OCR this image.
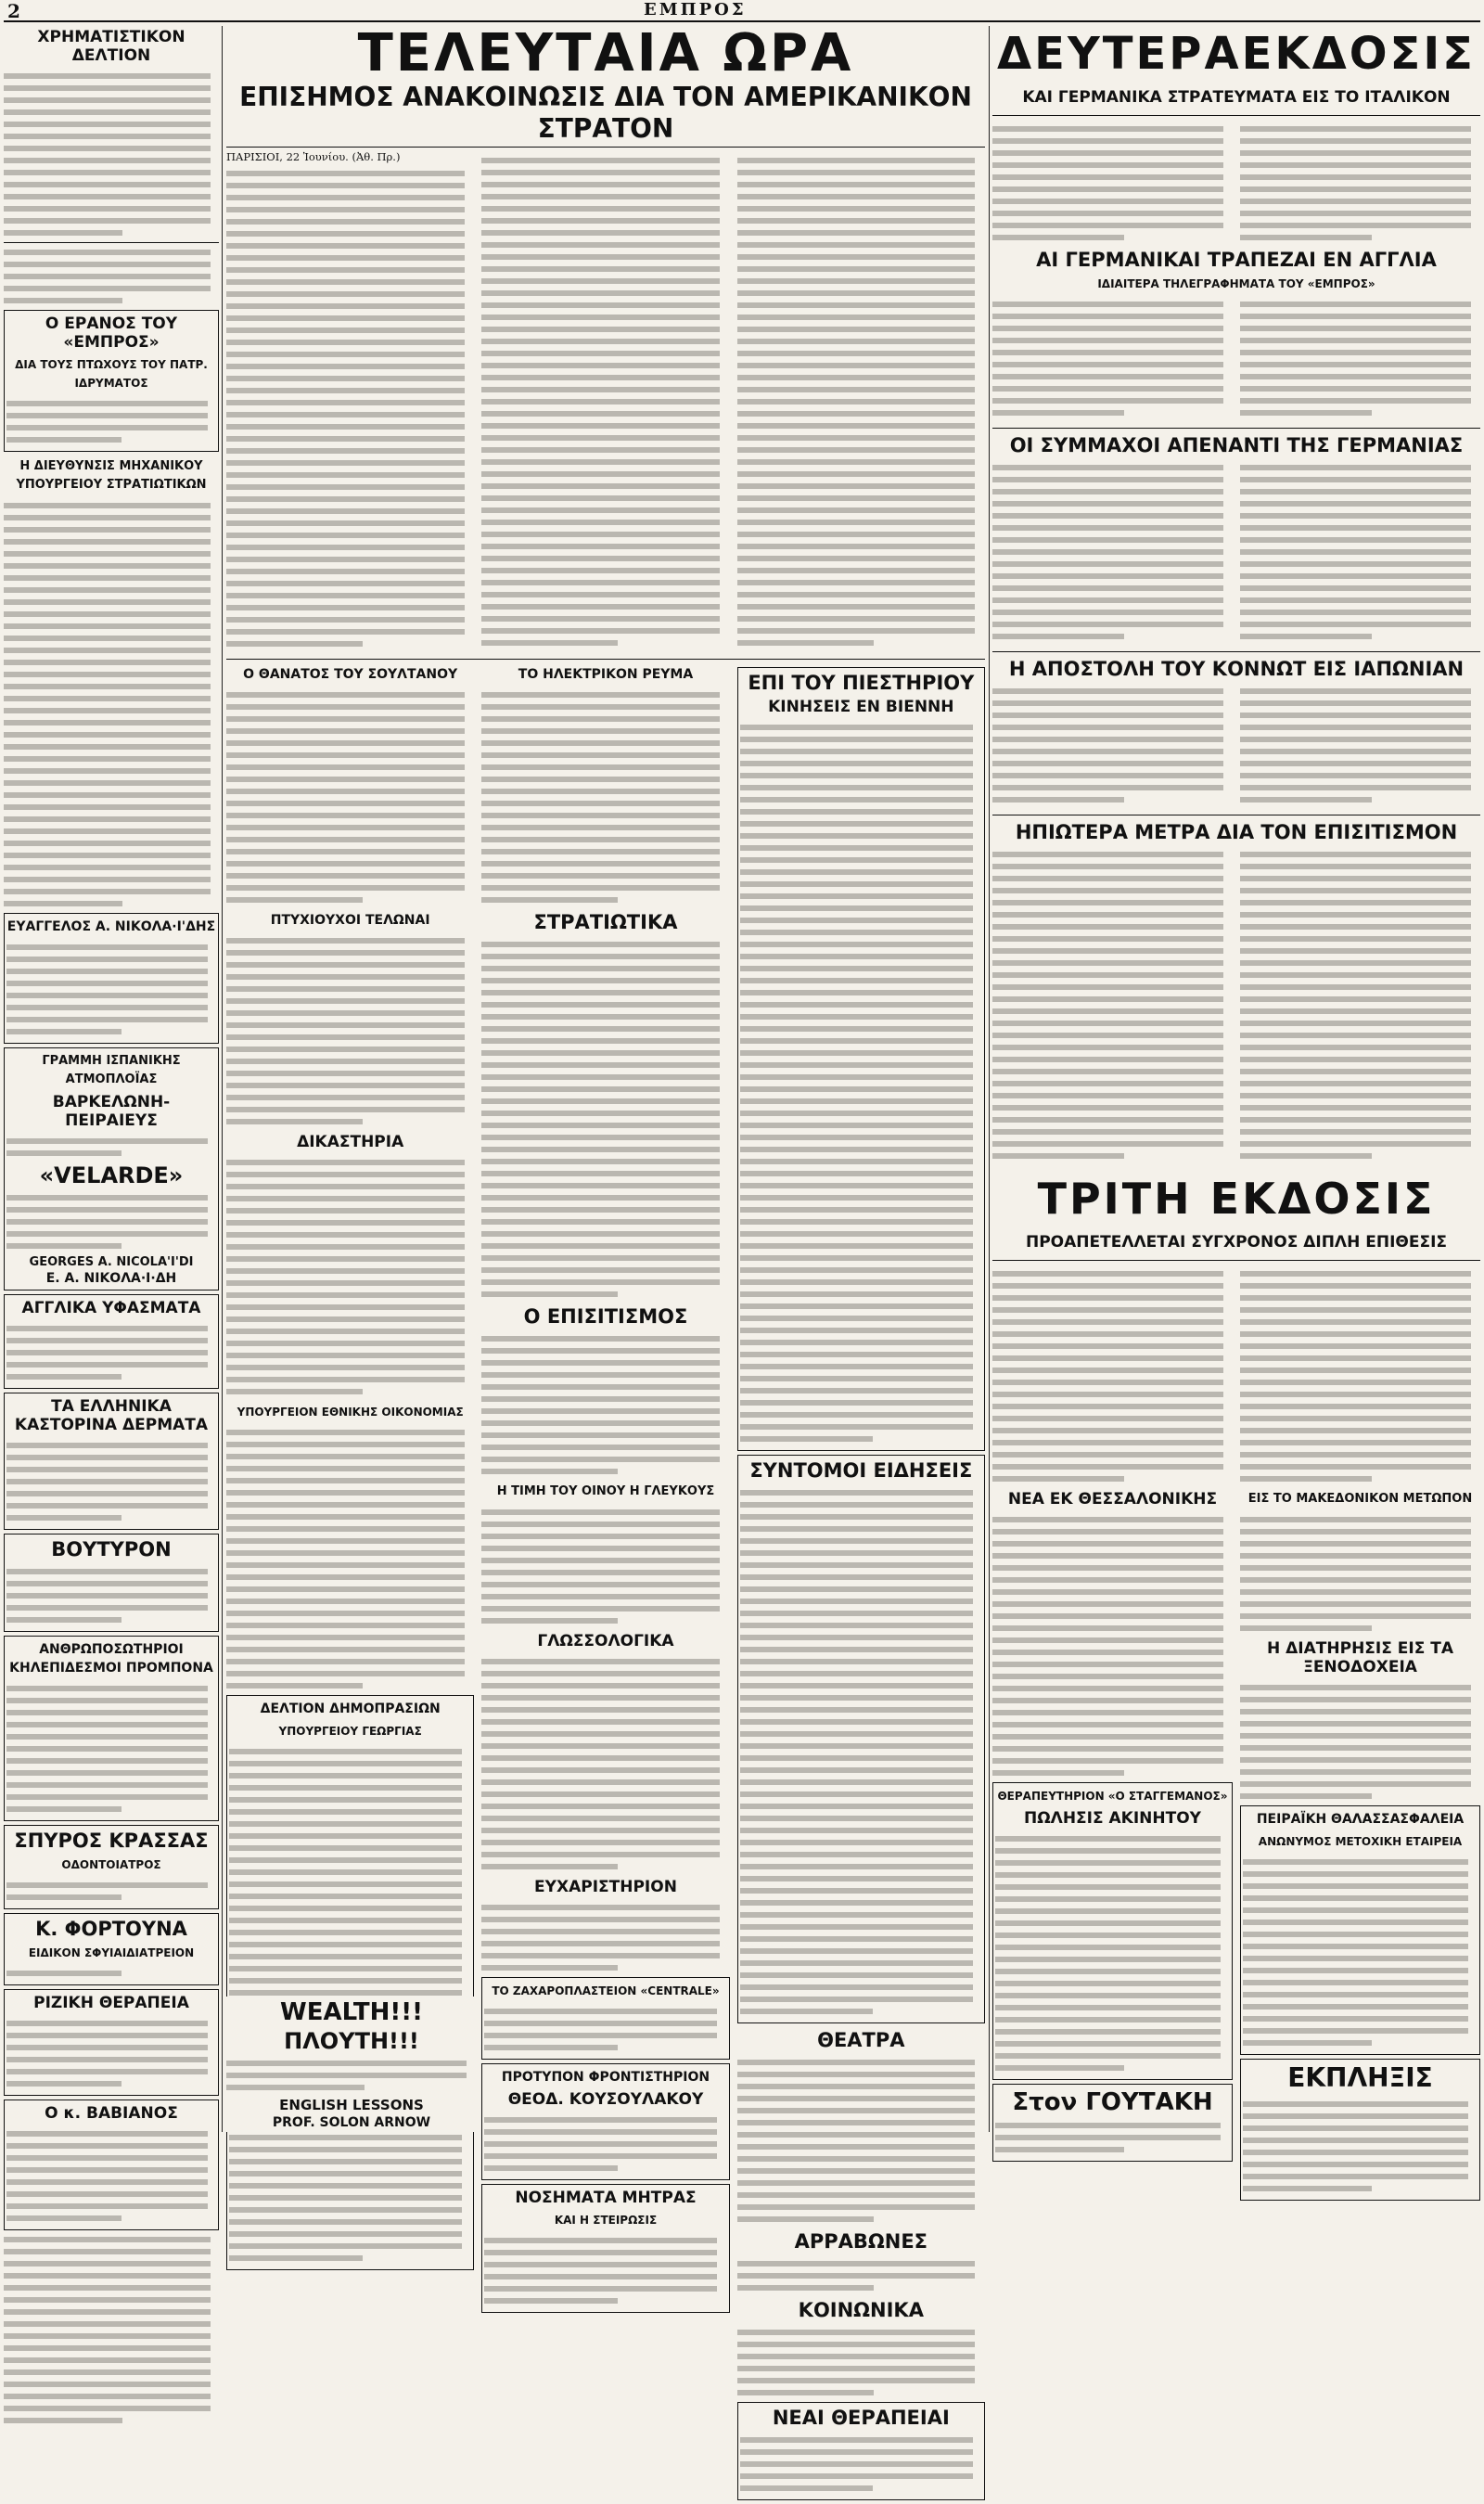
2	ΕΜΠΡΟΣ
ΧΡΗΜΑΤΙΣΤΙΚΟΝ ΔΕΛΤΙΟΝ
Ο ΕΡΑΝΟΣ ΤΟΥ «ΕΜΠΡΟΣ»
ΔΙΑ ΤΟΥΣ ΠΤΩΧΟΥΣ ΤΟΥ ΠΑΤΡ. ΙΔΡΥΜΑΤΟΣ
Η ΔΙΕΥΘΥΝΣΙΣ ΜΗΧΑΝΙΚΟΥ ΥΠΟΥΡΓΕΙΟΥ ΣΤΡΑΤΙΩΤΙΚΩΝ
ΕΥΑΓΓΕΛΟΣ Α. ΝΙΚΟΛΑ·Ι'ΔΗΣ
ΓΡΑΜΜΗ ΙΣΠΑΝΙΚΗΣ ΑΤΜΟΠΛΟΪΑΣ
ΒΑΡΚΕΛΩΝΗ-ΠΕΙΡΑΙΕΥΣ
«VELARDE»
GEORGES A. NICOLA'I'DI
Ε. Α. ΝΙΚΟΛΑ·Ι·ΔΗ
ΑΓΓΛΙΚΑ ΥΦΑΣΜΑΤΑ
ΤΑ ΕΛΛΗΝΙΚΑ ΚΑΣΤΟΡΙΝΑ ΔΕΡΜΑΤΑ
ΒΟΥΤΥΡΟΝ
ΑΝΘΡΩΠΟΣΩΤΗΡΙΟΙ ΚΗΛΕΠΙΔΕΣΜΟΙ ΠΡΟΜΠΟΝΑ
ΣΠΥΡΟΣ ΚΡΑΣΣΑΣ
ΟΔΟΝΤΟΙΑΤΡΟΣ
Κ. ΦΟΡΤΟΥΝΑ
ΕΙΔΙΚΟΝ ΣΦΥΙΑΙΔΙΑΤΡΕΙΟΝ
ΡΙΖΙΚΗ ΘΕΡΑΠΕΙΑ
Ο κ. ΒΑΒΙΑΝΟΣ
ΤΕΛΕΥΤΑΙΑ ΩΡΑ
ΕΠΙΣΗΜΟΣ ΑΝΑΚΟΙΝΩΣΙΣ ΔΙΑ ΤΟΝ ΑΜΕΡΙΚΑΝΙΚΟΝ ΣΤΡΑΤΟΝ
ΠΑΡΙΣΙΟΙ, 22 Ἰουνίου. (Ἀθ. Πρ.)
Ο ΘΑΝΑΤΟΣ ΤΟΥ ΣΟΥΛΤΑΝΟΥ
ΠΤΥΧΙΟΥΧΟΙ ΤΕΛΩΝΑΙ
ΔΙΚΑΣΤΗΡΙΑ
ΥΠΟΥΡΓΕΙΟΝ ΕΘΝΙΚΗΣ ΟΙΚΟΝΟΜΙΑΣ
ΔΕΛΤΙΟΝ ΔΗΜΟΠΡΑΣΙΩΝ
ΥΠΟΥΡΓΕΙΟΥ ΓΕΩΡΓΙΑΣ
ΤΟ ΗΛΕΚΤΡΙΚΟΝ ΡΕΥΜΑ
ΣΤΡΑΤΙΩΤΙΚΑ
Ο ΕΠΙΣΙΤΙΣΜΟΣ
Η ΤΙΜΗ ΤΟΥ ΟΙΝΟΥ Η ΓΛΕΥΚΟΥΣ
ΓΛΩΣΣΟΛΟΓΙΚΑ
ΕΥΧΑΡΙΣΤΗΡΙΟΝ
ΤΟ ΖΑΧΑΡΟΠΛΑΣΤΕΙΟΝ «CENTRALE»
ΠΡΟΤΥΠΟΝ ΦΡΟΝΤΙΣΤΗΡΙΟΝ
ΘΕΟΔ. ΚΟΥΣΟΥΛΑΚΟΥ
ΝΟΣΗΜΑΤΑ ΜΗΤΡΑΣ
ΚΑΙ Η ΣΤΕΙΡΩΣΙΣ
ΕΠΙ ΤΟΥ ΠΙΕΣΤΗΡΙΟΥ
ΚΙΝΗΣΕΙΣ ΕΝ ΒΙΕΝΝΗ
ΣΥΝΤΟΜΟΙ ΕΙΔΗΣΕΙΣ
ΘΕΑΤΡΑ
ΑΡΡΑΒΩΝΕΣ
ΚΟΙΝΩΝΙΚΑ
ΝΕΑΙ ΘΕΡΑΠΕΙΑΙ
WEALTH!!!
ΠΛΟΥΤΗ!!!
ENGLISH LESSONS
PROF. SOLON ARNOW
ΔΕΥΤΕΡΑΕΚΔΟΣΙΣ
ΚΑΙ ΓΕΡΜΑΝΙΚΑ ΣΤΡΑΤΕΥΜΑΤΑ ΕΙΣ ΤΟ ΙΤΑΛΙΚΟΝ
ΑΙ ΓΕΡΜΑΝΙΚΑΙ ΤΡΑΠΕΖΑΙ ΕΝ ΑΓΓΛΙΑ
ΙΔΙΑΙΤΕΡΑ ΤΗΛΕΓΡΑΦΗΜΑΤΑ ΤΟΥ «ΕΜΠΡΟΣ»
ΟΙ ΣΥΜΜΑΧΟΙ ΑΠΕΝΑΝΤΙ ΤΗΣ ΓΕΡΜΑΝΙΑΣ
Η ΑΠΟΣΤΟΛΗ ΤΟΥ ΚΟΝΝΩΤ ΕΙΣ ΙΑΠΩΝΙΑΝ
ΗΠΙΩΤΕΡΑ ΜΕΤΡΑ ΔΙΑ ΤΟΝ ΕΠΙΣΙΤΙΣΜΟΝ
ΤΡΙΤΗ ΕΚΔΟΣΙΣ
ΠΡΟΑΠΕΤΕΛΛΕΤΑΙ ΣΥΓΧΡΟΝΟΣ ΔΙΠΛΗ ΕΠΙΘΕΣΙΣ
ΝΕΑ ΕΚ ΘΕΣΣΑΛΟΝΙΚΗΣ
ΘΕΡΑΠΕΥΤΗΡΙΟΝ «Ο ΣΤΑΓΓΕΜΑΝΟΣ»
ΠΩΛΗΣΙΣ ΑΚΙΝΗΤΟΥ
Στον ΓΟΥΤΑΚΗ
ΕΙΣ ΤΟ ΜΑΚΕΔΟΝΙΚΟΝ ΜΕΤΩΠΟΝ
Η ΔΙΑΤΗΡΗΣΙΣ ΕΙΣ ΤΑ ΞΕΝΟΔΟΧΕΙΑ
ΠΕΙΡΑΪΚΗ ΘΑΛΑΣΣΑΣΦΑΛΕΙΑ
ΑΝΩΝΥΜΟΣ ΜΕΤΟΧΙΚΗ ΕΤΑΙΡΕΙΑ
ΕΚΠΛΗΞΙΣ
